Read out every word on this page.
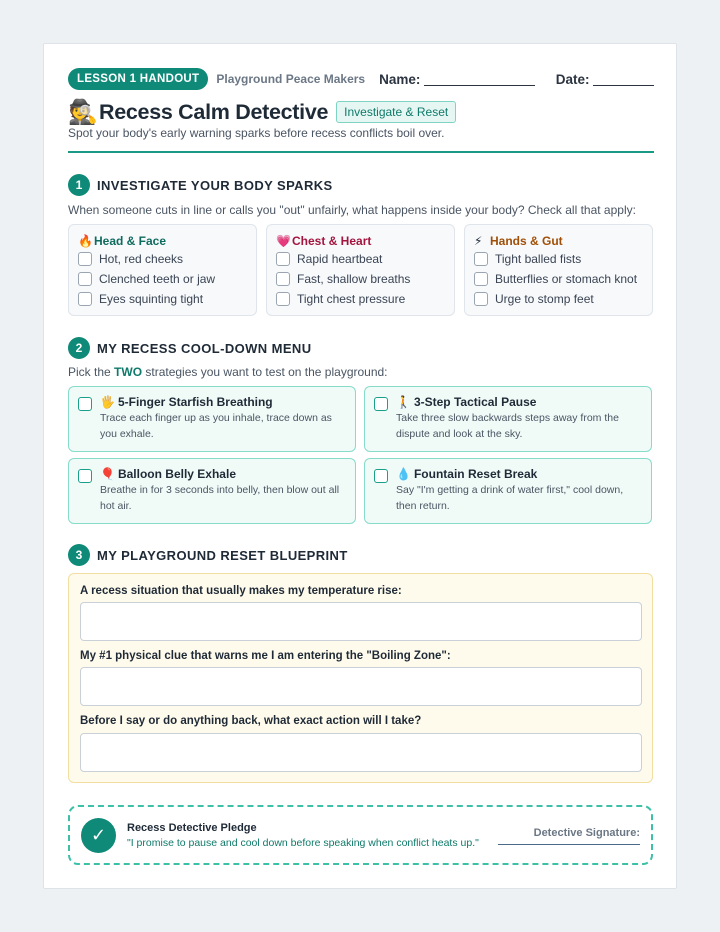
LESSON 1 HANDOUT	Playground Peace Makers Name:	Date:
🕵️ Recess Calm Detective	Investigate & Reset
Spot your body's early warning sparks before recess conflicts boil over.
1	INVESTIGATE YOUR BODY SPARKS
When someone cuts in line or calls you "out" unfairly, what happens inside your body? Check all that apply:
🔥 Head & Face
Hot, red cheeks
Clenched teeth or jaw
Eyes squinting tight
💗 Chest & Heart
Rapid heartbeat
Fast, shallow breaths
Tight chest pressure
⚡ Hands & Gut
Tight balled fists
Butterflies or stomach knot
Urge to stomp feet
2	MY RECESS COOL-DOWN MENU
Pick the TWO strategies you want to test on the playground:
🖐 5-Finger Starfish Breathing
Trace each finger up as you inhale, trace down as you exhale.
🚶 3-Step Tactical Pause
Take three slow backwards steps away from the dispute and look at the sky.
🎈 Balloon Belly Exhale
Breathe in for 3 seconds into belly, then blow out all hot air.
💧 Fountain Reset Break
Say "I'm getting a drink of water first," cool down, then return.
3	MY PLAYGROUND RESET BLUEPRINT
A recess situation that usually makes my temperature rise:
My #1 physical clue that warns me I am entering the "Boiling Zone":
Before I say or do anything back, what exact action will I take?
✓	Recess Detective Pledge
"I promise to pause and cool down before speaking when conflict heats up."
Detective Signature:
